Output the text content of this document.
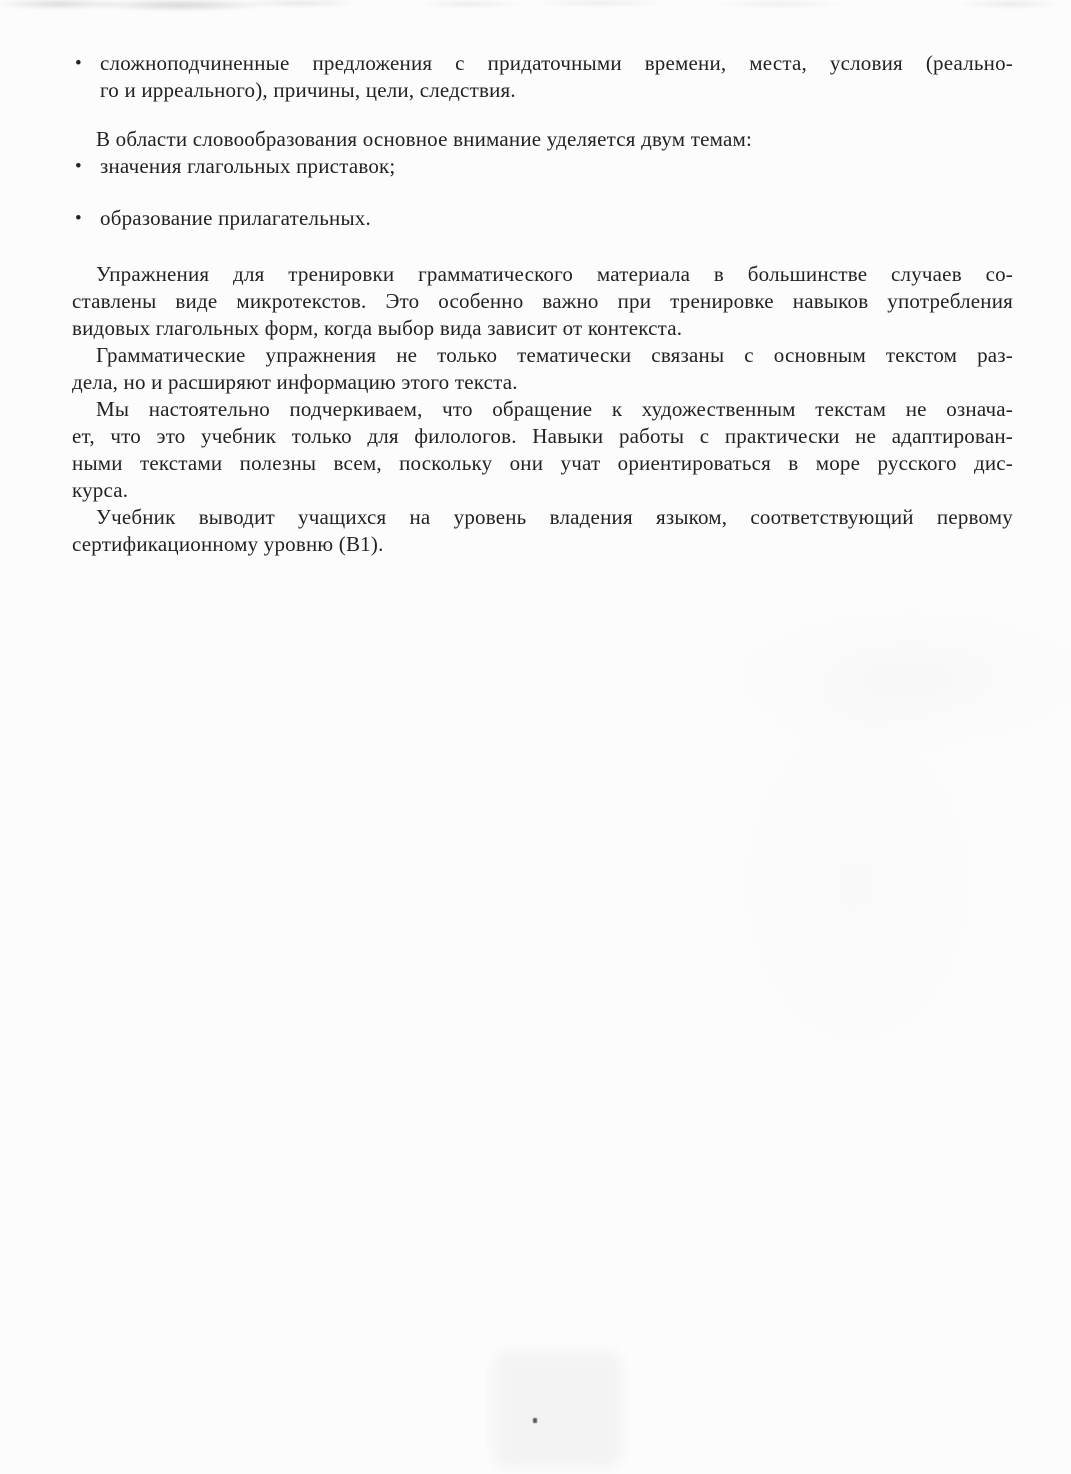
• сложноподчиненные предложения с придаточными времени, места, условия (реально-
го и ирреального), причины, цели, следствия.

В области словообразования основное внимание уделяется двум темам:

• значения глагольных приставок;
• образование прилагательных.
Упражнения для тренировки грамматического материала в большинстве случаев со-
ставлены виде микротекстов. Это особенно важно при тренировке навыков употребления
видовых глагольных форм, когда выбор вида зависит от контекста.
Грамматические упражнения не только тематически связаны с основным текстом раз-
дела, но и расширяют информацию этого текста.
Мы настоятельно подчеркиваем, что обращение к художественным текстам не означа-
ет, что это учебник только для филологов. Навыки работы с практически не адаптирован-
ными текстами полезны всем, поскольку они учат ориентироваться в море русского дис-
курса.
Учебник выводит учащихся на уровень владения языком, соответствующий первому
сертификационному уровню (В1).
